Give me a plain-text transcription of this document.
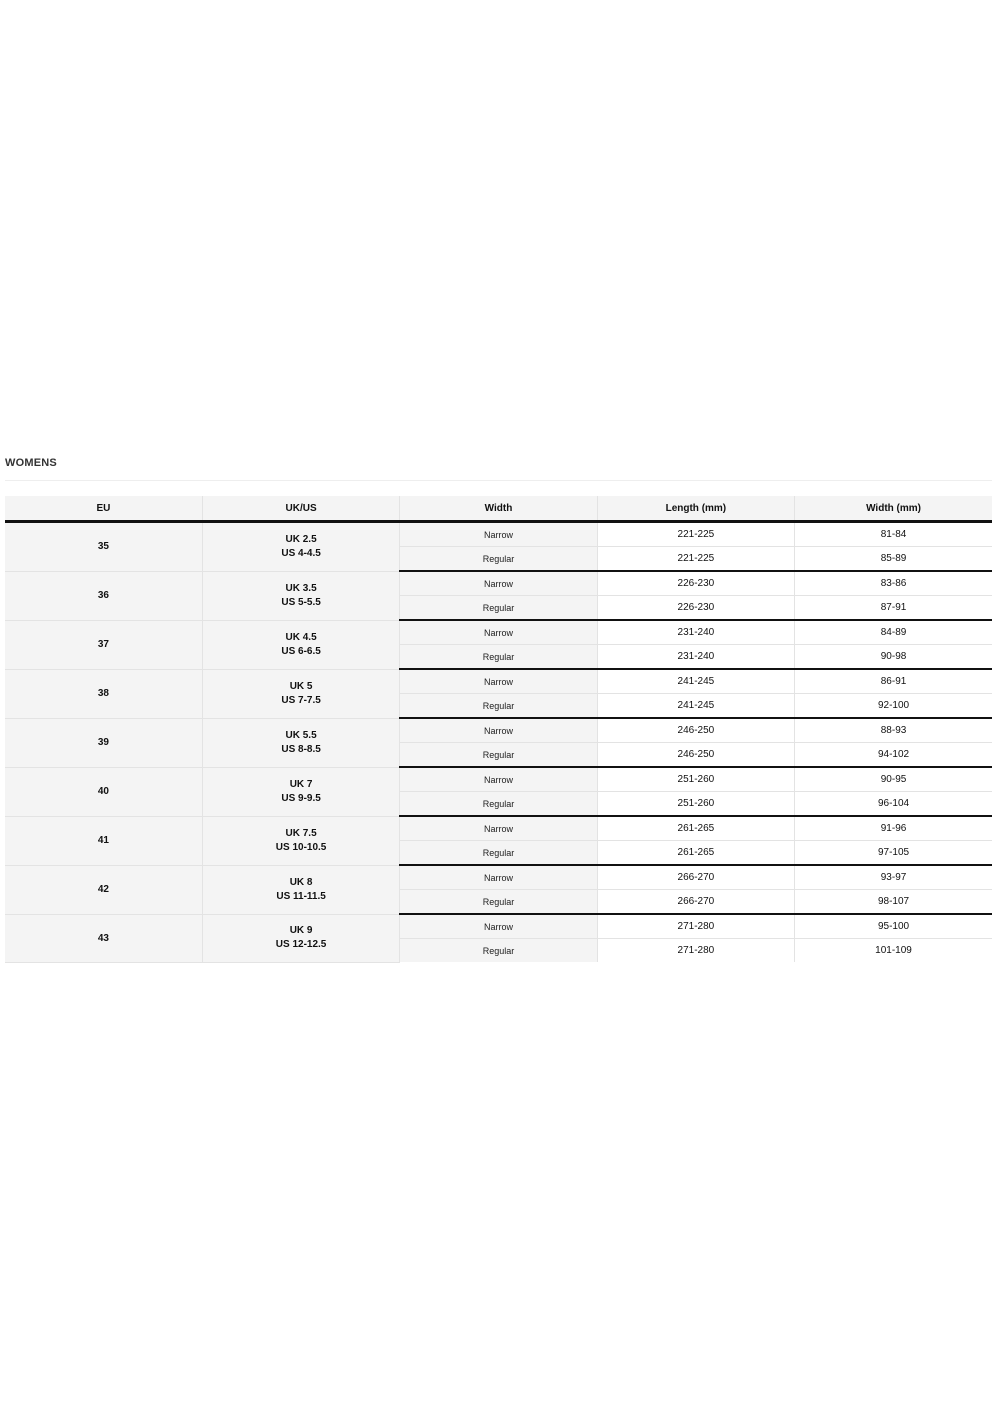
WOMENS
EU	UK/US	Width	Length (mm)	Width (mm)
35	UK 2.5
US 4-4.5	Narrow	221-225	81-84
		Regular	221-225	85-89
36	UK 3.5
US 5-5.5	Narrow	226-230	83-86
		Regular	226-230	87-91
37	UK 4.5
US 6-6.5	Narrow	231-240	84-89
		Regular	231-240	90-98
38	UK 5
US 7-7.5	Narrow	241-245	86-91
		Regular	241-245	92-100
39	UK 5.5
US 8-8.5	Narrow	246-250	88-93
		Regular	246-250	94-102
40	UK 7
US 9-9.5	Narrow	251-260	90-95
		Regular	251-260	96-104
41	UK 7.5
US 10-10.5	Narrow	261-265	91-96
		Regular	261-265	97-105
42	UK 8
US 11-11.5	Narrow	266-270	93-97
		Regular	266-270	98-107
43	UK 9
US 12-12.5	Narrow	271-280	95-100
		Regular	271-280	101-109
